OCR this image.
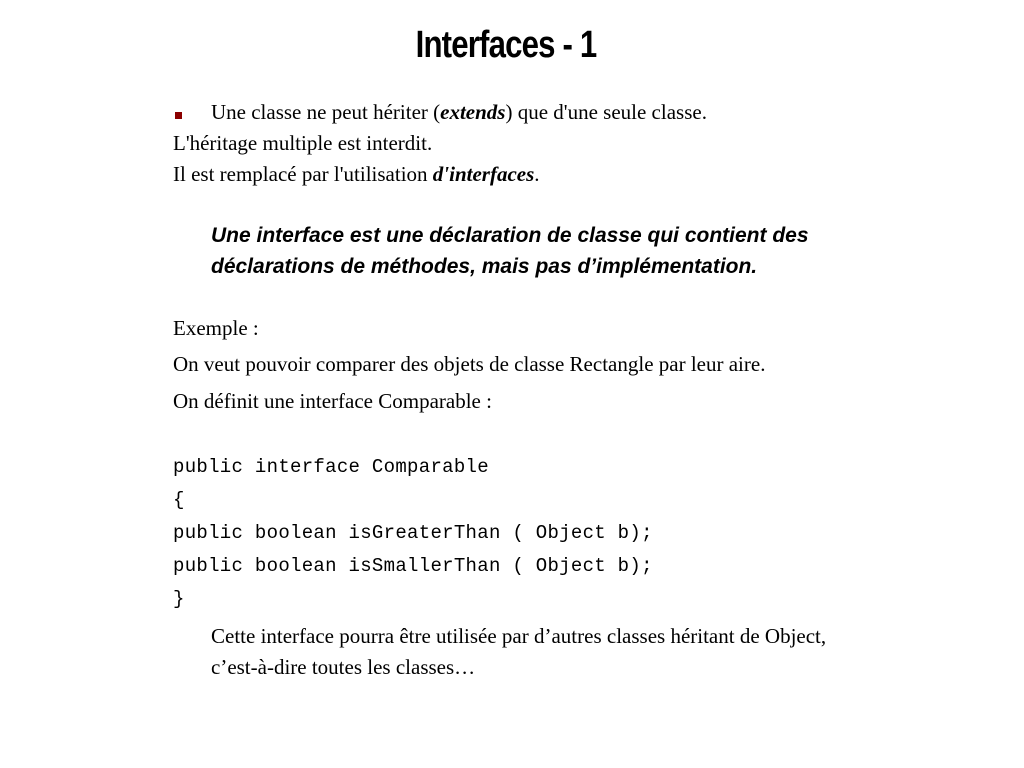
Interfaces - 1
Une classe ne peut hériter (extends) que d'une seule classe.
L'héritage multiple est interdit.
Il est remplacé par l'utilisation d'interfaces.
Une interface est une déclaration de classe qui contient des
déclarations de méthodes, mais pas d’implémentation.
Exemple :
On veut pouvoir comparer des objets de classe Rectangle par leur aire.
On définit une interface Comparable :
public interface Comparable
{
public boolean isGreaterThan ( Object b);
public boolean isSmallerThan ( Object b);
}
Cette interface pourra être utilisée par d’autres classes héritant de Object,
c’est-à-dire toutes les classes…
